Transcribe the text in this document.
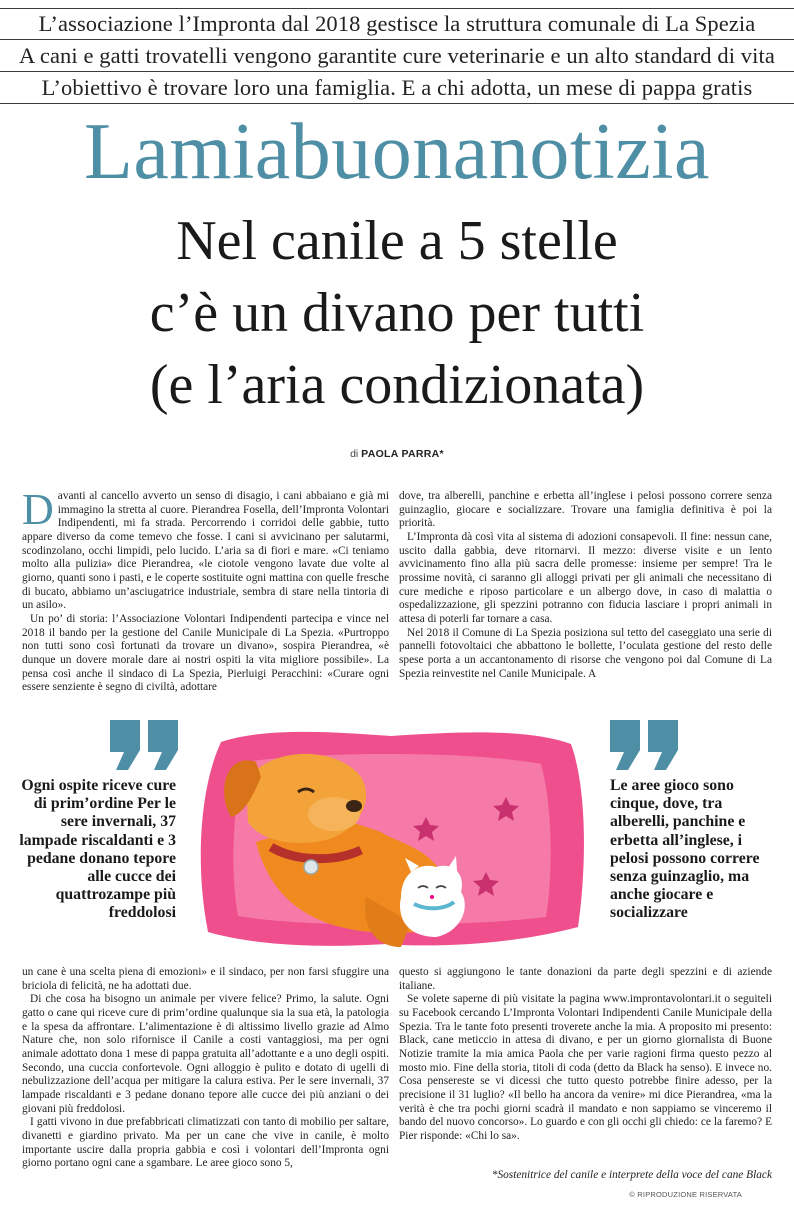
L’associazione l’Impronta dal 2018 gestisce la struttura comunale di La Spezia
A cani e gatti trovatelli vengono garantite cure veterinarie e un alto standard di vita
L’obiettivo è trovare loro una famiglia. E a chi adotta, un mese di pappa gratis
Lamiabuonanotizia
Nel canile a 5 stelle
c’è un divano per tutti
(e l’aria condizionata)
di PAOLA PARRA*

Davanti al cancello avverto un senso di disagio, i cani abbaiano e già mi immagino la stretta al cuore. Pierandrea Fosella, dell’Impronta Volontari Indipendenti, mi fa strada. Percorrendo i corridoi delle gabbie, tutto appare diverso da come temevo che fosse. I cani si avvicinano per salutarmi, scodinzolano, occhi limpidi, pelo lucido. L’aria sa di fiori e mare. «Ci teniamo molto alla pulizia» dice Pierandrea, «le ciotole vengono lavate due volte al giorno, quanti sono i pasti, e le coperte sostituite ogni mattina con quelle fresche di bucato, abbiamo un’asciugatrice industriale, sembra di stare nella tintoria di un asilo».

Un po’ di storia: l’Associazione Volontari Indipendenti partecipa e vince nel 2018 il bando per la gestione del Canile Municipale di La Spezia. «Purtroppo non tutti sono così fortunati da trovare un divano», sospira Pierandrea, «è dunque un dovere morale dare ai nostri ospiti la vita migliore possibile». La pensa così anche il sindaco di La Spezia, Pierluigi Peracchini: «Curare ogni essere senziente è segno di civiltà, adottare

dove, tra alberelli, panchine e erbetta all’inglese i pelosi possono correre senza guinzaglio, giocare e socializzare. Trovare una famiglia definitiva è poi la priorità.

L’Impronta dà così vita al sistema di adozioni consapevoli. Il fine: nessun cane, uscito dalla gabbia, deve ritornarvi. Il mezzo: diverse visite e un lento avvicinamento fino alla più sacra delle promesse: insieme per sempre! Tra le prossime novità, ci saranno gli alloggi privati per gli animali che necessitano di cure mediche e riposo particolare e un albergo dove, in caso di malattia o ospedalizzazione, gli spezzini potranno con fiducia lasciare i propri animali in attesa di poterli far tornare a casa.

Nel 2018 il Comune di La Spezia posiziona sul tetto del caseggiato una serie di pannelli fotovoltaici che abbattono le bollette, l’oculata gestione del resto delle spese porta a un accantonamento di risorse che vengono poi dal Comune di La Spezia reinvestite nel Canile Municipale. A

Ogni ospite riceve cure di prim’ordine Per le sere invernali, 37 lampade riscaldanti e 3 pedane donano tepore alle cucce dei quattrozampe più freddolosi
Le aree gioco sono cinque, dove, tra alberelli, panchine e erbetta all’inglese, i pelosi possono correre senza guinzaglio, ma anche giocare e socializzare

un cane è una scelta piena di emozioni» e il sindaco, per non farsi sfuggire una briciola di felicità, ne ha adottati due.

Di che cosa ha bisogno un animale per vivere felice? Primo, la salute. Ogni gatto o cane qui riceve cure di prim’ordine qualunque sia la sua età, la patologia e la spesa da affrontare. L’alimentazione è di altissimo livello grazie ad Almo Nature che, non solo rifornisce il Canile a costi vantaggiosi, ma per ogni animale adottato dona 1 mese di pappa gratuita all’adottante e a uno degli ospiti. Secondo, una cuccia confortevole. Ogni alloggio è pulito e dotato di ugelli di nebulizzazione dell’acqua per mitigare la calura estiva. Per le sere invernali, 37 lampade riscaldanti e 3 pedane donano tepore alle cucce dei più anziani o dei giovani più freddolosi.

I gatti vivono in due prefabbricati climatizzati con tanto di mobilio per saltare, divanetti e giardino privato. Ma per un cane che vive in canile, è molto importante uscire dalla propria gabbia e così i volontari dell’Impronta ogni giorno portano ogni cane a sgambare. Le aree gioco sono 5,

questo si aggiungono le tante donazioni da parte degli spezzini e di aziende italiane.

Se volete saperne di più visitate la pagina www.improntavolontari.it o seguiteli su Facebook cercando L’Impronta Volontari Indipendenti Canile Municipale della Spezia. Tra le tante foto presenti troverete anche la mia. A proposito mi presento: Black, cane meticcio in attesa di divano, e per un giorno giornalista di Buone Notizie tramite la mia amica Paola che per varie ragioni firma questo pezzo al mosto mio. Fine della storia, titoli di coda (detto da Black ha senso). E invece no. Cosa pensereste se vi dicessi che tutto questo potrebbe finire adesso, per la precisione il 31 luglio? «Il bello ha ancora da venire» mi dice Pierandrea, «ma la verità è che tra pochi giorni scadrà il mandato e non sappiamo se vinceremo il bando del nuovo concorso». Lo guardo e con gli occhi gli chiedo: ce la faremo? E Pier risponde: «Chi lo sa».

*Sostenitrice del canile e interprete della voce del cane Black
© RIPRODUZIONE RISERVATA
